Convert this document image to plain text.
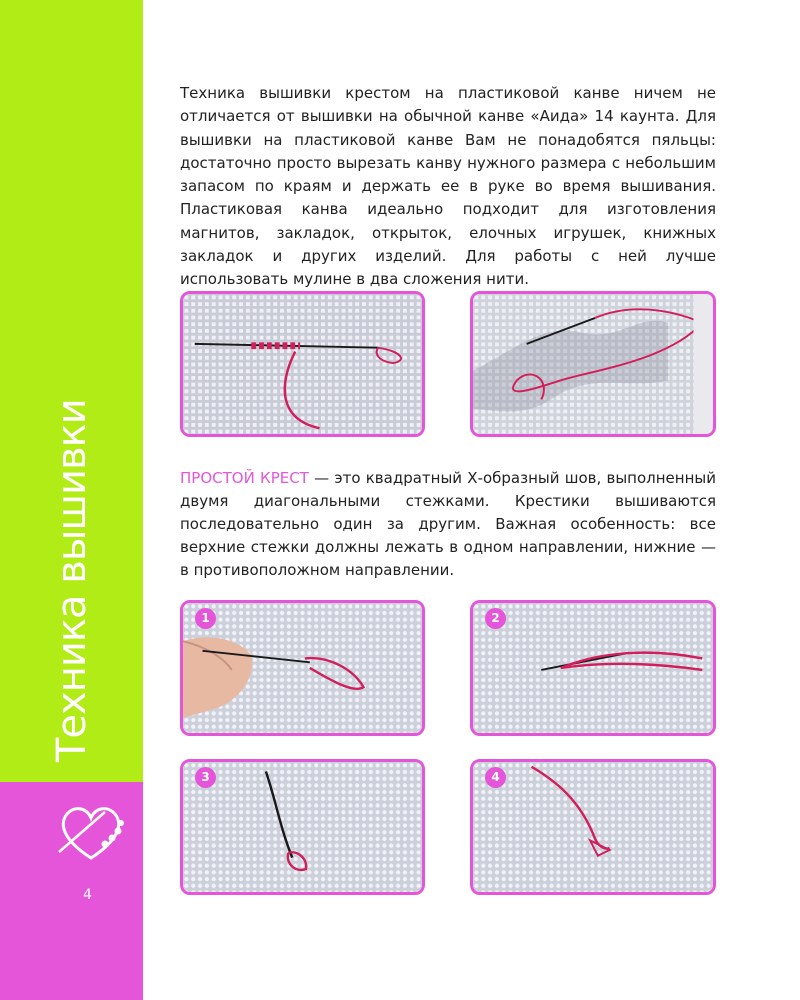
Техника вышивки
4

Техника вышивки крестом на пластиковой канве ничем не отличается от вышивки на обычной канве «Аида» 14 каунта. Для вышивки на пластиковой канве Вам не понадобятся пяльцы: достаточно просто вырезать канву нужного размера с небольшим запасом по краям и держать ее в руке во время вышивания. Пластиковая канва идеально подходит для изготовления магнитов, закладок, открыток, елочных игрушек, книжных закладок и других изделий. Для работы с ней лучше использовать мулине в два сложения нити.

ПРОСТОЙ КРЕСТ — это квадратный Х-образный шов, выполненный двумя диагональными стежками. Крестики вышиваются последовательно один за другим. Важная особенность: все верхние стежки должны лежать в одном направлении, нижние — в противоположном направлении.

1	2
3	4
